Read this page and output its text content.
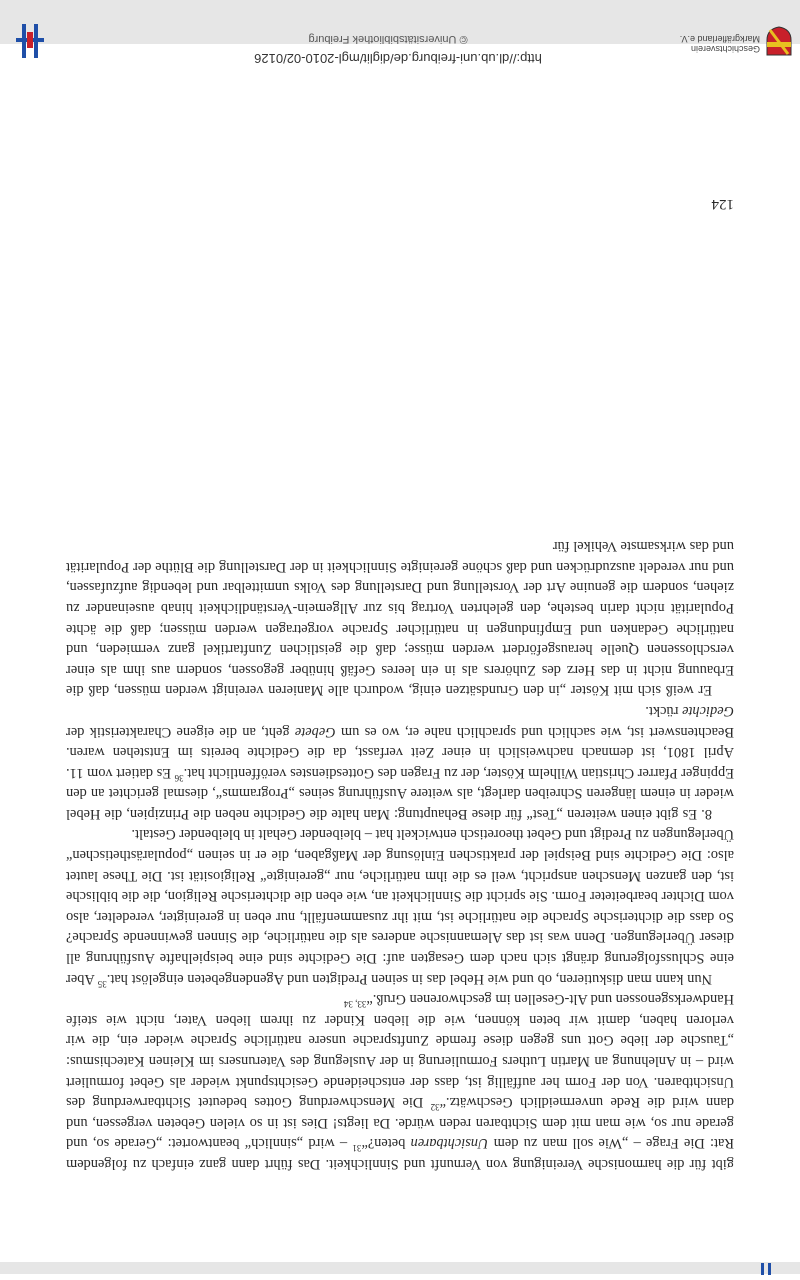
gibt für die harmonische Vereinigung von Vernunft und Sinnlichkeit. Das führt dann ganz einfach zu folgendem Rat: Die Frage – „Wie soll man zu dem Unsichtbaren beten?“$^{31}$ – wird „sinnlich“ beantwortet: „Gerade so, und gerade nur so, wie man mit dem Sichtbaren reden würde. Da liegts! Dies ist in so vielen Gebeten vergessen, und dann wird die Rede unvermeidlich Geschwätz.“$^{32}$ Die Menschwerdung Gottes bedeutet Sichtbarwerdung des Unsichtbaren. Von der Form her auffällig ist, dass der entscheidende Gesichtspunkt wieder als Gebet formuliert wird – in Anlehnung an Martin Luthers Formulierung in der Auslegung des Vaterunsers im Kleinen Katechismus: „Tausche der liebe Gott uns gegen diese fremde Zunftsprache unsere natürliche Sprache wieder ein, die wir verloren haben, damit wir beten können, wie die lieben Kinder zu ihrem lieben Vater, nicht wie steife Handwerksgenossen und Alt-Gesellen im geschworenen Gruß.“$^{33, 34}$

Nun kann man diskutieren, ob und wie Hebel das in seinen Predigten und Agendengebeten eingelöst hat.$^{35}$ Aber eine Schlussfolgerung drängt sich nach dem Gesagten auf: Die Gedichte sind eine beispielhafte Ausführung all dieser Überlegungen. Denn was ist das Alemannische anderes als die natürliche, die Sinnen gewinnende Sprache? So dass die dichterische Sprache die natürliche ist, mit ihr zusammenfällt, nur eben in gereinigter, veredelter, also vom Dichter bearbeiteter Form. Sie spricht die Sinnlichkeit an, wie eben die dichterische Religion, die die biblische ist, den ganzen Menschen anspricht, weil es die ihm natürliche, nur „gereinigte“ Religiosität ist. Die These lautet also: Die Gedichte sind Beispiel der praktischen Einlösung der Maßgaben, die er in seinen „popularästhetischen“ Überlegungen zu Predigt und Gebet theoretisch entwickelt hat – bleibender Gehalt in bleibender Gestalt.

8. Es gibt einen weiteren „Test“ für diese Behauptung: Man halte die Gedichte neben die Prinzipien, die Hebel wieder in einem längeren Schreiben darlegt, als weitere Ausführung seines „Programms“, diesmal gerichtet an den Eppinger Pfarrer Christian Wilhelm Köster, der zu Fragen des Gottesdienstes veröffentlicht hat.$^{36}$ Es datiert vom 11. April 1801, ist demnach nachweislich in einer Zeit verfasst, da die Gedichte bereits im Entstehen waren. Beachtenswert ist, wie sachlich und sprachlich nahe er, wo es um Gebete geht, an die eigene Charakteristik der Gedichte rückt.

Er weiß sich mit Köster „in den Grundsätzen einig, wodurch alle Manieren vereinigt werden müssen, daß die Erbauung nicht in das Herz des Zuhörers als in ein leeres Gefäß hinüber gegossen, sondern aus ihm als einer verschlossenen Quelle herausgefördert werden müsse; daß die geistlichen Zunftartikel ganz vermieden, und natürliche Gedanken und Empfindungen in natürlicher Sprache vorgetragen werden müssen; daß die ächte Popularität nicht darin bestehe, den gelehrten Vortrag bis zur Allgemein-Verständlichkeit hinab auseinander zu ziehen, sondern die genuine Art der Vorstellung und Darstellung des Volks unmittelbar und lebendig aufzufassen, und nur veredelt auszudrücken und daß schöne gereinigte Sinnlichkeit in der Darstellung die Blüthe der Popularität und das wirksamste Vehikel für

124
http://dl.ub.uni-freiburg.de/diglit/mgl-2010-02/0126
© Universitätsbibliothek Freiburg
Geschichtsverein Markgräflerland e.V.
